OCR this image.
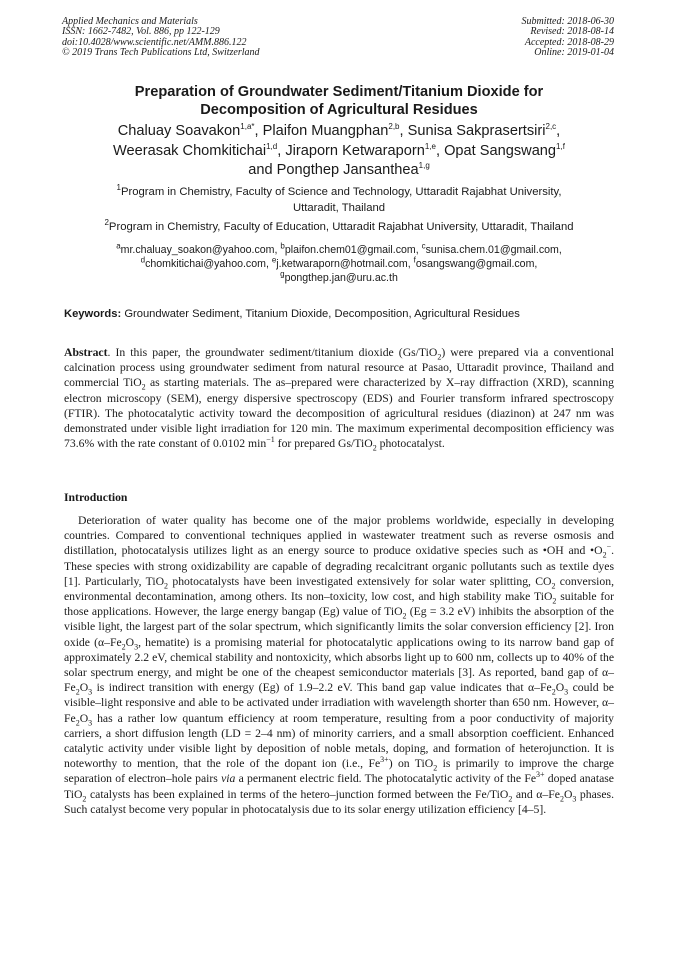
Applied Mechanics and Materials
ISSN: 1662-7482, Vol. 886, pp 122-129
doi:10.4028/www.scientific.net/AMM.886.122
© 2019 Trans Tech Publications Ltd, Switzerland
Submitted: 2018-06-30
Revised: 2018-08-14
Accepted: 2018-08-29
Online: 2019-01-04
Preparation of Groundwater Sediment/Titanium Dioxide for
Decomposition of Agricultural Residues
Chaluay Soavakon$^{1,a*}$, Plaifon Muangphan$^{2,b}$, Sunisa Sakprasertsiri$^{2,c}$,
Weerasak Chomkitichai$^{1,d}$, Jiraporn Ketwaraporn$^{1,e}$, Opat Sangswang$^{1,f}$
and Pongthep Jansanthea$^{1,g}$
$^1$Program in Chemistry, Faculty of Science and Technology, Uttaradit Rajabhat University,
Uttaradit, Thailand
$^2$Program in Chemistry, Faculty of Education, Uttaradit Rajabhat University, Uttaradit, Thailand
$^a$mr.chaluay_soakon@yahoo.com, $^b$plaifon.chem01@gmail.com, $^c$sunisa.chem.01@gmail.com,
$^d$chomkitichai@yahoo.com, $^e$j.ketwaraporn@hotmail.com, $^f$osangswang@gmail.com,
$^g$pongthep.jan@uru.ac.th
Keywords: Groundwater Sediment, Titanium Dioxide, Decomposition, Agricultural Residues
Abstract. In this paper, the groundwater sediment/titanium dioxide (Gs/TiO$_2$) were prepared via a conventional calcination process using groundwater sediment from natural resource at Pasao, Uttaradit province, Thailand and commercial TiO$_2$ as starting materials. The as–prepared were characterized by X–ray diffraction (XRD), scanning electron microscopy (SEM), energy dispersive spectroscopy (EDS) and Fourier transform infrared spectroscopy (FTIR). The photocatalytic activity toward the decomposition of agricultural residues (diazinon) at 247 nm was demonstrated under visible light irradiation for 120 min. The maximum experimental decomposition efficiency was 73.6% with the rate constant of 0.0102 $\min^{-1}$ for prepared Gs/TiO$_2$ photocatalyst.
Introduction
Deterioration of water quality has become one of the major problems worldwide, especially in developing countries. Compared to conventional techniques applied in wastewater treatment such as reverse osmosis and distillation, photocatalysis utilizes light as an energy source to produce oxidative species such as •OH and $•O_2^-$. These species with strong oxidizability are capable of degrading recalcitrant organic pollutants such as textile dyes [1]. Particularly, TiO$_2$ photocatalysts have been investigated extensively for solar water splitting, $CO_2$ conversion, environmental decontamination, among others. Its non–toxicity, low cost, and high stability make TiO$_2$ suitable for those applications. However, the large energy bangap (Eg) value of TiO$_2$ (Eg = 3.2 eV) inhibits the absorption of the visible light, the largest part of the solar spectrum, which significantly limits the solar conversion efficiency [2]. Iron oxide ($\alpha-Fe_2O_3$, hematite) is a promising material for photocatalytic applications owing to its narrow band gap of approximately 2.2 eV, chemical stability and nontoxicity, which absorbs light up to 600 nm, collects up to 40% of the solar spectrum energy, and might be one of the cheapest semiconductor materials [3]. As reported, band gap of $\alpha-Fe_2O_3$ is indirect transition with energy (Eg) of 1.9–2.2 eV. This band gap value indicates that $\alpha-Fe_2O_3$ could be visible–light responsive and able to be activated under irradiation with wavelength shorter than 650 nm. However, $\alpha-Fe_2O_3$ has a rather low quantum efficiency at room temperature, resulting from a poor conductivity of majority carriers, a short diffusion length (LD = 2–4 nm) of minority carriers, and a small absorption coefficient. Enhanced catalytic activity under visible light by deposition of noble metals, doping, and formation of heterojunction. It is noteworthy to mention, that the role of the dopant ion (i.e., $Fe^{3+}$) on TiO$_2$ is primarily to improve the charge separation of electron–hole pairs via a permanent electric field. The photocatalytic activity of the $Fe^{3+}$ doped anatase TiO$_2$ catalysts has been explained in terms of the hetero–junction formed between the Fe/TiO$_2$ and $\alpha-Fe_2O_3$ phases. Such catalyst become very popular in photocatalysis due to its solar energy utilization efficiency [4–5].
